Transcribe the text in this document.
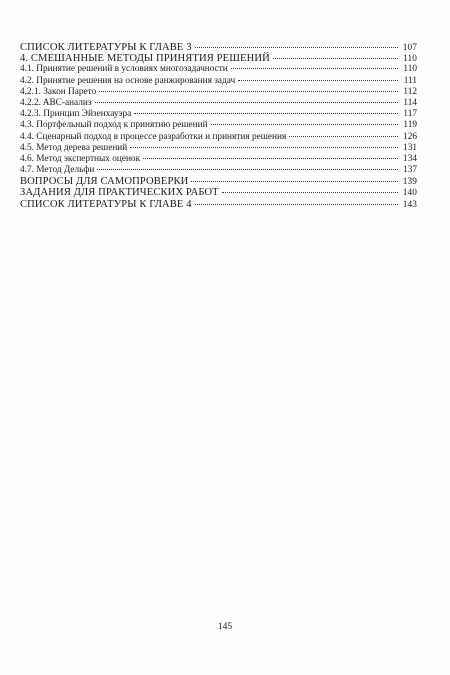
СПИСОК ЛИТЕРАТУРЫ К ГЛАВЕ 3	107
4. СМЕШАННЫЕ МЕТОДЫ ПРИНЯТИЯ РЕШЕНИЙ	110
4.1. Принятие решений в условиях многозадачности	110
4.2. Принятие решения на основе ранжирования задач	111
4.2.1. Закон Парето	112
4.2.2. ABC-анализ	114
4.2.3. Принцип Эйзенхауэра	117
4.3. Портфельный подход к принятию решений	119
4.4. Сценарный подход в процессе разработки и принятия решения	126
4.5. Метод дерева решений	131
4.6. Метод экспертных оценок	134
4.7. Метод Дельфи	137
ВОПРОСЫ ДЛЯ САМОПРОВЕРКИ	139
ЗАДАНИЯ ДЛЯ ПРАКТИЧЕСКИХ РАБОТ	140
СПИСОК ЛИТЕРАТУРЫ К ГЛАВЕ 4	143
145
